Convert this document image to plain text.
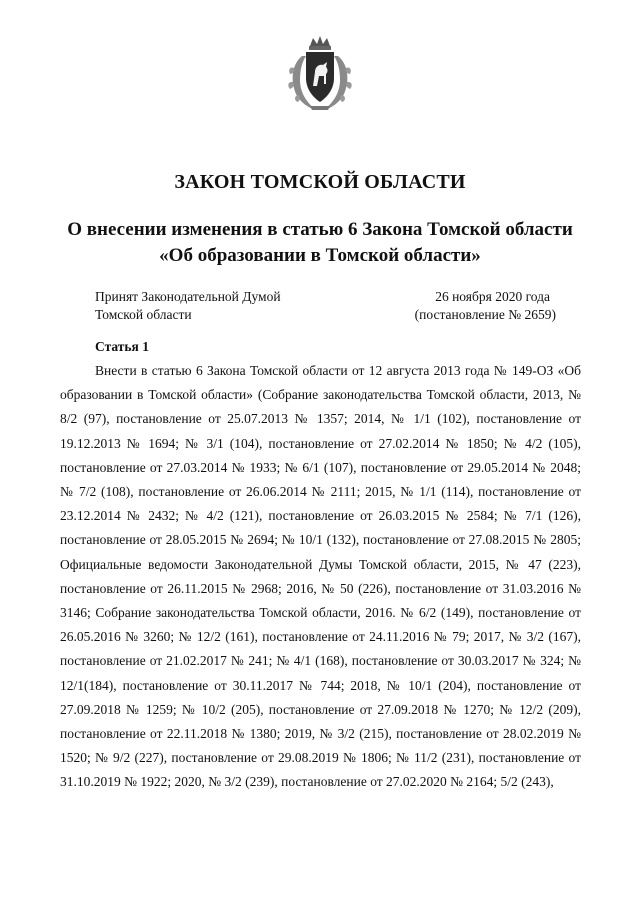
ЗАКОН ТОМСКОЙ ОБЛАСТИ
О внесении изменения в статью 6 Закона Томской области
«Об образовании в Томской области»
Принят Законодательной Думой
Томской области
26 ноября 2020 года
(постановление № 2659)
Статья 1

Внести в статью 6 Закона Томской области от 12 августа 2013 года № 149-ОЗ «Об образовании в Томской области» (Собрание законодательства Томской области, 2013, № 8/2 (97), постановление от 25.07.2013 № 1357; 2014, № 1/1 (102), постановление от 19.12.2013 № 1694; № 3/1 (104), постановление от 27.02.2014 № 1850; № 4/2 (105), постановление от 27.03.2014 № 1933; № 6/1 (107), постановление от 29.05.2014 № 2048; № 7/2 (108), постановление от 26.06.2014 № 2111; 2015, № 1/1 (114), постановление от 23.12.2014 № 2432; № 4/2 (121), постановление от 26.03.2015 № 2584; № 7/1 (126), постановление от 28.05.2015 № 2694; № 10/1 (132), постановление от 27.08.2015 № 2805; Официальные ведомости Законодательной Думы Томской области, 2015, № 47 (223), постановление от 26.11.2015 № 2968; 2016, № 50 (226), постановление от 31.03.2016 № 3146; Собрание законодательства Томской области, 2016. № 6/2 (149), постановление от 26.05.2016 № 3260; № 12/2 (161), постановление от 24.11.2016 № 79; 2017, № 3/2 (167), постановление от 21.02.2017 № 241; № 4/1 (168), постановление от 30.03.2017 № 324; № 12/1(184), постановление от 30.11.2017 № 744; 2018, № 10/1 (204), постановление от 27.09.2018 № 1259; № 10/2 (205), постановление от 27.09.2018 № 1270; № 12/2 (209), постановление от 22.11.2018 № 1380; 2019, № 3/2 (215), постановление от 28.02.2019 № 1520; № 9/2 (227), постановление от 29.08.2019 № 1806; № 11/2 (231), постановление от 31.10.2019 № 1922; 2020, № 3/2 (239), постановление от 27.02.2020 № 2164; 5/2 (243),
